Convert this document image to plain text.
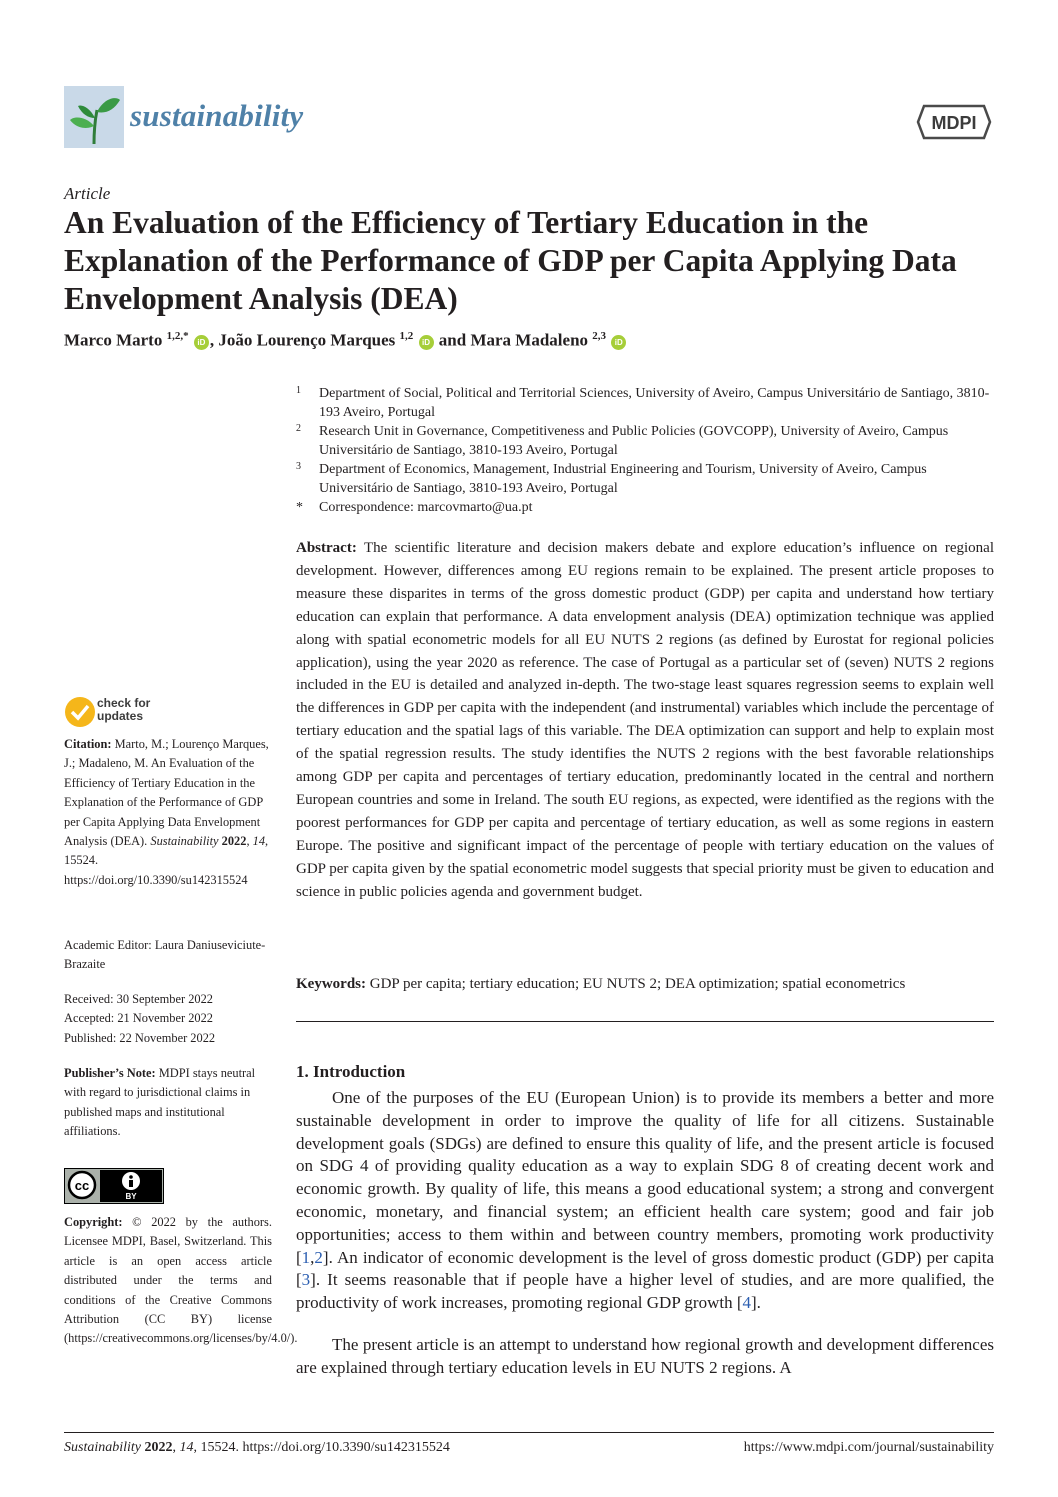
sustainability	MDPI
Article
An Evaluation of the Efficiency of Tertiary Education in the Explanation of the Performance of GDP per Capita Applying Data Envelopment Analysis (DEA)
Marco Marto $^{1,2,*}$ iD , João Lourenço Marques $^{1,2}$ iD and Mara Madaleno $^{2,3}$ iD
1 Department of Social, Political and Territorial Sciences, University of Aveiro, Campus Universitário de Santiago, 3810-193 Aveiro, Portugal
2 Research Unit in Governance, Competitiveness and Public Policies (GOVCOPP), University of Aveiro, Campus Universitário de Santiago, 3810-193 Aveiro, Portugal
3 Department of Economics, Management, Industrial Engineering and Tourism, University of Aveiro, Campus Universitário de Santiago, 3810-193 Aveiro, Portugal
* Correspondence: marcovmarto@ua.pt
Abstract: The scientific literature and decision makers debate and explore education’s influence on regional development. However, differences among EU regions remain to be explained. The present article proposes to measure these disparites in terms of the gross domestic product (GDP) per capita and understand how tertiary education can explain that performance. A data envelopment analysis (DEA) optimization technique was applied along with spatial econometric models for all EU NUTS 2 regions (as defined by Eurostat for regional policies application), using the year 2020 as reference. The case of Portugal as a particular set of (seven) NUTS 2 regions included in the EU is detailed and analyzed in-depth. The two-stage least squares regression seems to explain well the differences in GDP per capita with the independent (and instrumental) variables which include the percentage of tertiary education and the spatial lags of this variable. The DEA optimization can support and help to explain most of the spatial regression results. The study identifies the NUTS 2 regions with the best favorable relationships among GDP per capita and percentages of tertiary education, predominantly located in the central and northern European countries and some in Ireland. The south EU regions, as expected, were identified as the regions with the poorest performances for GDP per capita and percentage of tertiary education, as well as some regions in eastern Europe. The positive and significant impact of the percentage of people with tertiary education on the values of GDP per capita given by the spatial econometric model suggests that special priority must be given to education and science in public policies agenda and government budget.
Keywords: GDP per capita; tertiary education; EU NUTS 2; DEA optimization; spatial econometrics
1. Introduction

One of the purposes of the EU (European Union) is to provide its members a better and more sustainable development in order to improve the quality of life for all citizens. Sustainable development goals (SDGs) are defined to ensure this quality of life, and the present article is focused on SDG 4 of providing quality education as a way to explain SDG 8 of creating decent work and economic growth. By quality of life, this means a good educational system; a strong and convergent economic, monetary, and financial system; an efficient health care system; good and fair job opportunities; access to them within and between country members, promoting work productivity [1,2]. An indicator of economic development is the level of gross domestic product (GDP) per capita [3]. It seems reasonable that if people have a higher level of studies, and are more qualified, the productivity of work increases, promoting regional GDP growth [4].

The present article is an attempt to understand how regional growth and development differences are explained through tertiary education levels in EU NUTS 2 regions. A

check for
updates
Citation: Marto, M.; Lourenço Marques, J.; Madaleno, M. An Evaluation of the Efficiency of Tertiary Education in the Explanation of the Performance of GDP per Capita Applying Data Envelopment Analysis (DEA). Sustainability 2022, 14, 15524. https://doi.org/10.3390/su142315524
Academic Editor: Laura Daniuseviciute-Brazaite
Received: 30 September 2022
Accepted: 21 November 2022
Published: 22 November 2022
Publisher’s Note: MDPI stays neutral with regard to jurisdictional claims in published maps and institutional affiliations.
cc
BY
Copyright: © 2022 by the authors. Licensee MDPI, Basel, Switzerland. This article is an open access article distributed under the terms and conditions of the Creative Commons Attribution (CC BY) license (https://creativecommons.org/licenses/by/4.0/).
Sustainability 2022, 14, 15524. https://doi.org/10.3390/su142315524	https://www.mdpi.com/journal/sustainability
